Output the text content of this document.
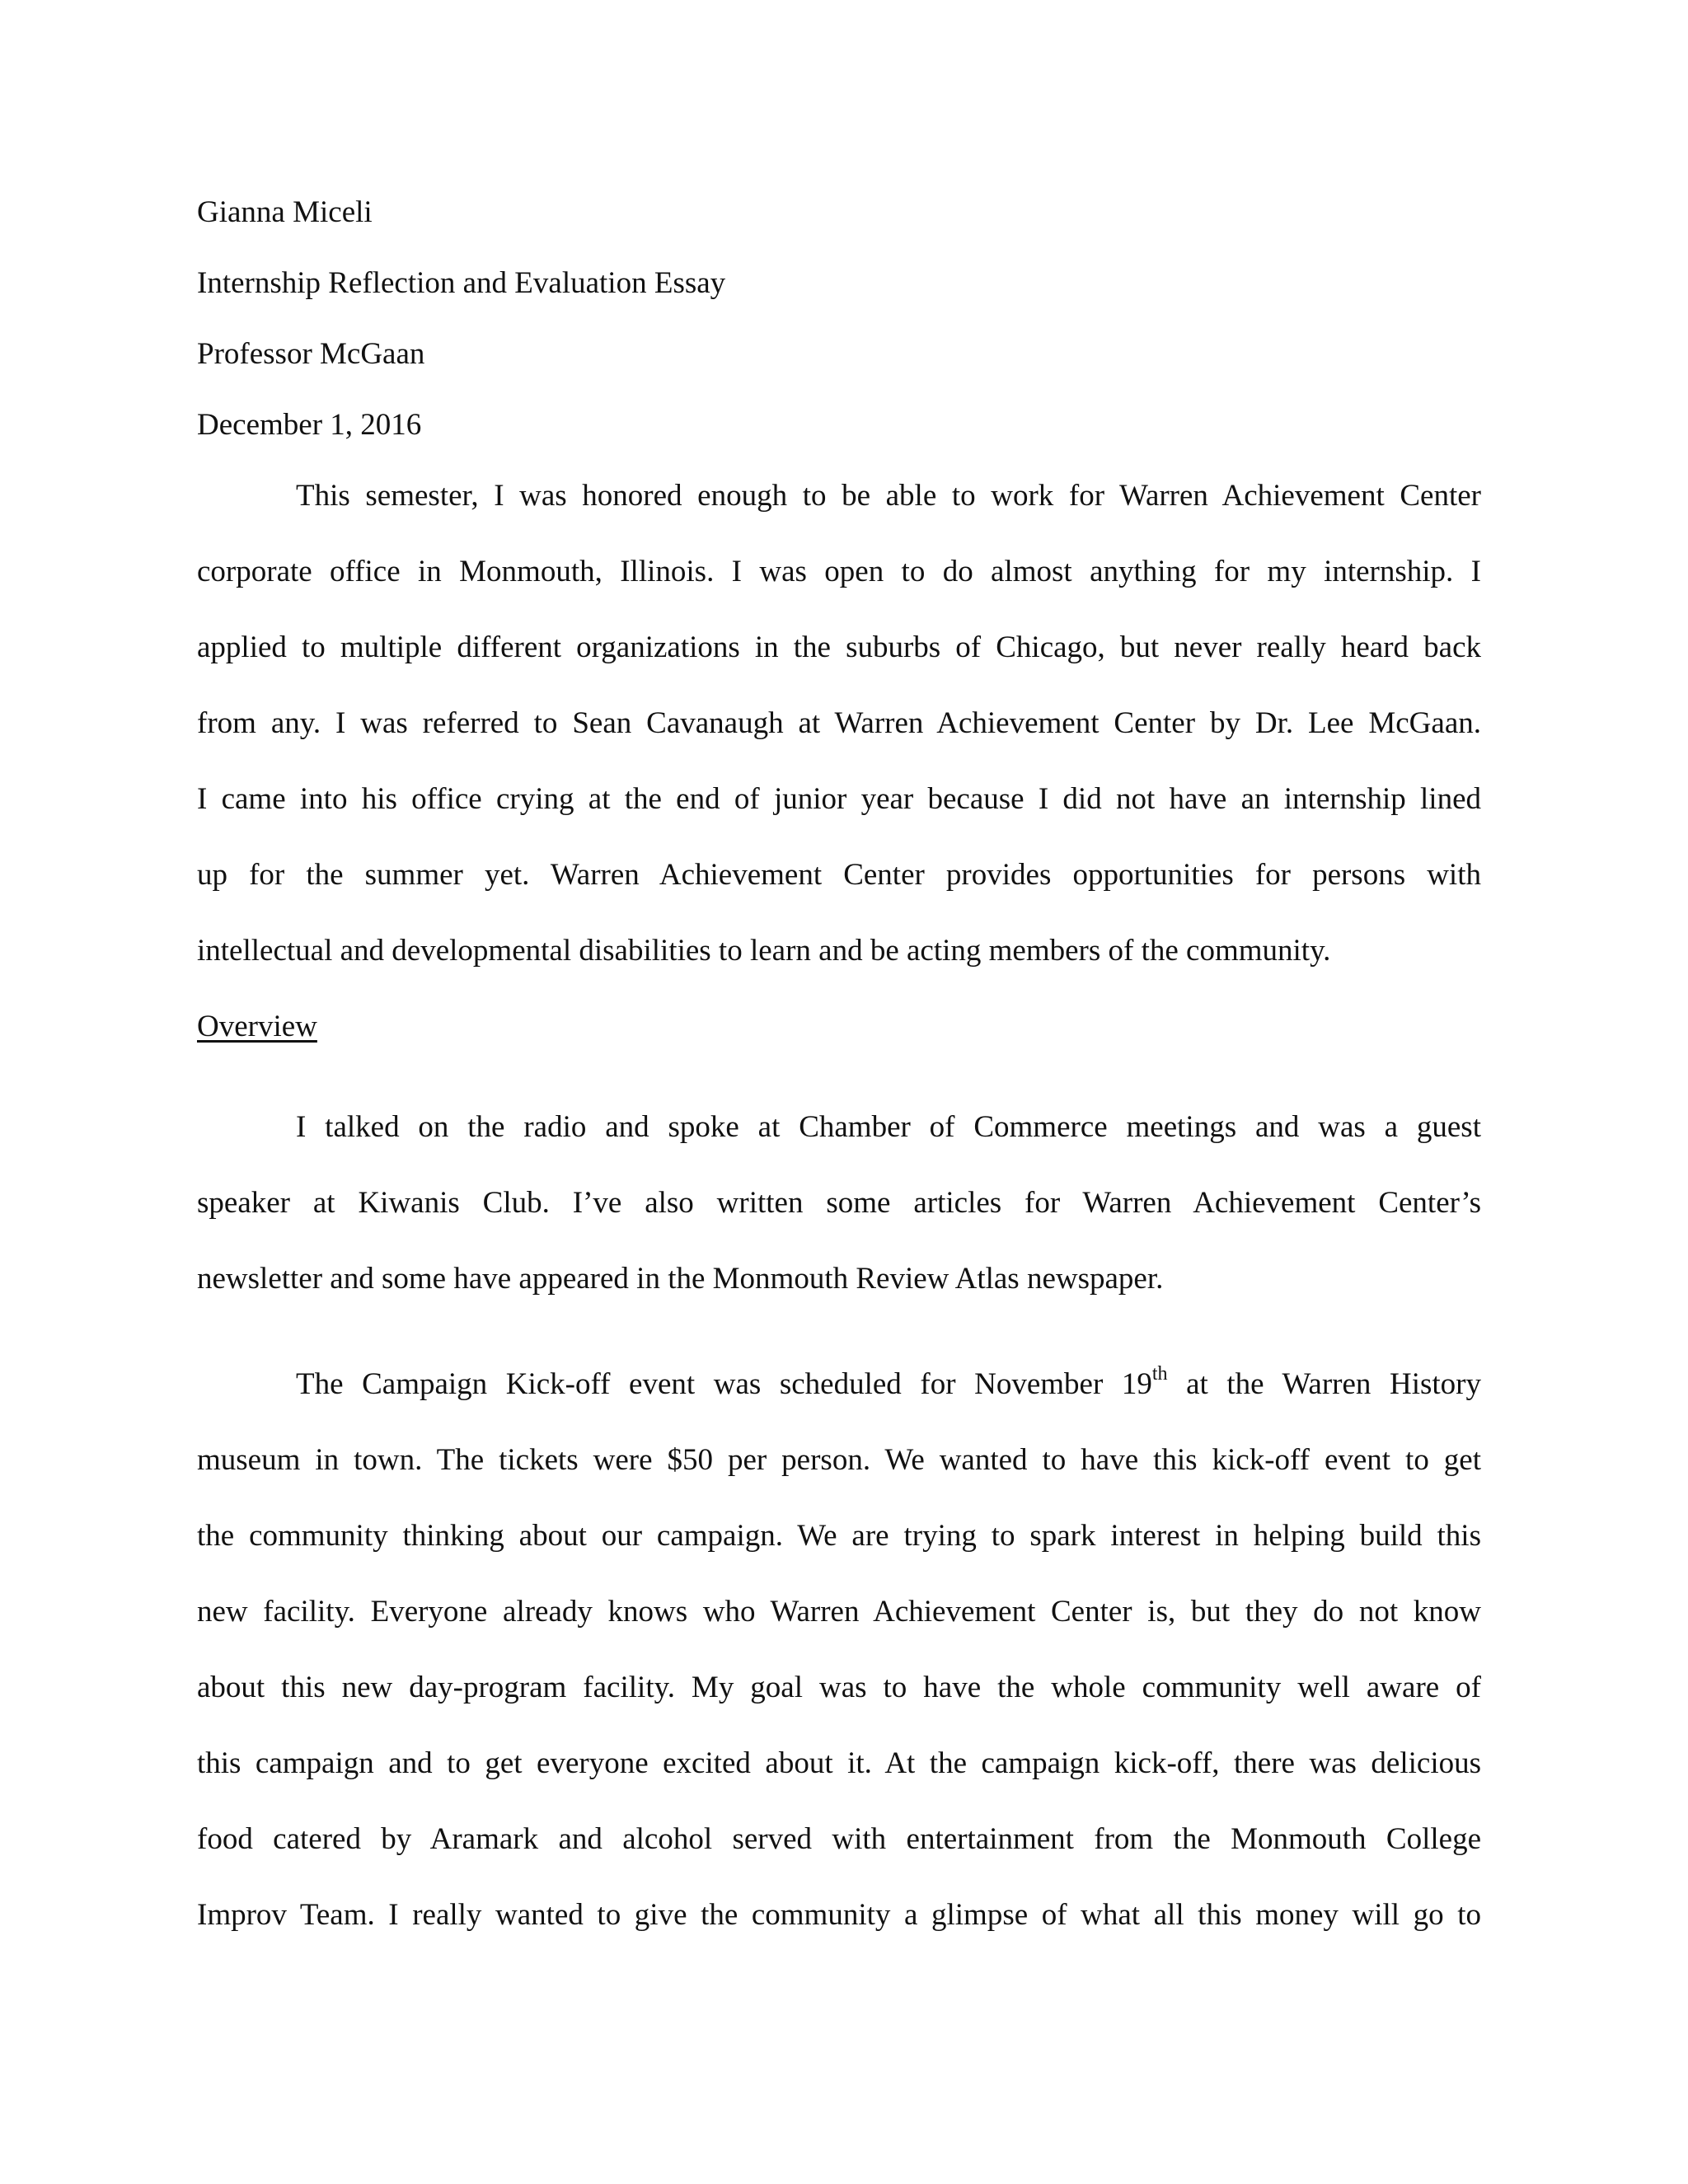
Gianna Miceli
Internship Reflection and Evaluation Essay
Professor McGaan
December 1, 2016
This semester, I was honored enough to be able to work for Warren Achievement Center
corporate office in Monmouth, Illinois. I was open to do almost anything for my internship. I
applied to multiple different organizations in the suburbs of Chicago, but never really heard back
from any. I was referred to Sean Cavanaugh at Warren Achievement Center by Dr. Lee McGaan.
I came into his office crying at the end of junior year because I did not have an internship lined
up for the summer yet. Warren Achievement Center provides opportunities for persons with
intellectual and developmental disabilities to learn and be acting members of the community.
Overview
I talked on the radio and spoke at Chamber of Commerce meetings and was a guest
speaker at Kiwanis Club. I’ve also written some articles for Warren Achievement Center’s
newsletter and some have appeared in the Monmouth Review Atlas newspaper.
The Campaign Kick-off event was scheduled for November 19th at the Warren History
museum in town. The tickets were $50 per person. We wanted to have this kick-off event to get
the community thinking about our campaign. We are trying to spark interest in helping build this
new facility. Everyone already knows who Warren Achievement Center is, but they do not know
about this new day-program facility. My goal was to have the whole community well aware of
this campaign and to get everyone excited about it. At the campaign kick-off, there was delicious
food catered by Aramark and alcohol served with entertainment from the Monmouth College
Improv Team. I really wanted to give the community a glimpse of what all this money will go to
